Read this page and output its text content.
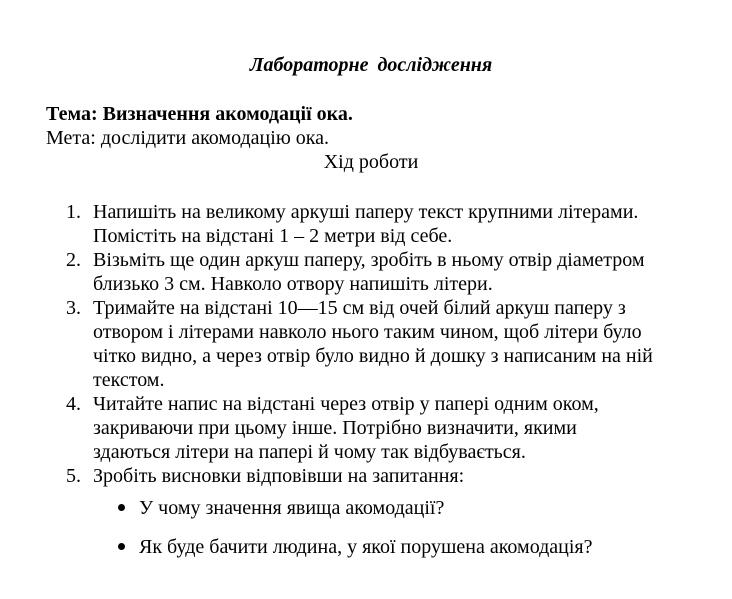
Лабораторне дослідження
Тема: Визначення акомодації ока.
Мета: дослідити акомодацію ока.
Хід роботи
1. Напишіть на великому аркуші паперу текст крупними літерами.
Помістіть на відстані 1 – 2 метри від себе.
2. Візьміть ще один аркуш паперу, зробіть в ньому отвір діаметром
близько 3 см. Навколо отвору напишіть літери.
3. Тримайте на відстані 10—15 см від очей білий аркуш паперу з
отвором і літерами навколо нього таким чином, щоб літери було
чітко видно, а через отвір було видно й дошку з написаним на ній
текстом.
4. Читайте напис на відстані через отвір у папері одним оком,
закриваючи при цьому інше. Потрібно визначити, якими
здаються літери на папері й чому так відбувається.
5. Зробіть висновки відповівши на запитання:
У чому значення явища акомодації?
Як буде бачити людина, у якої порушена акомодація?
